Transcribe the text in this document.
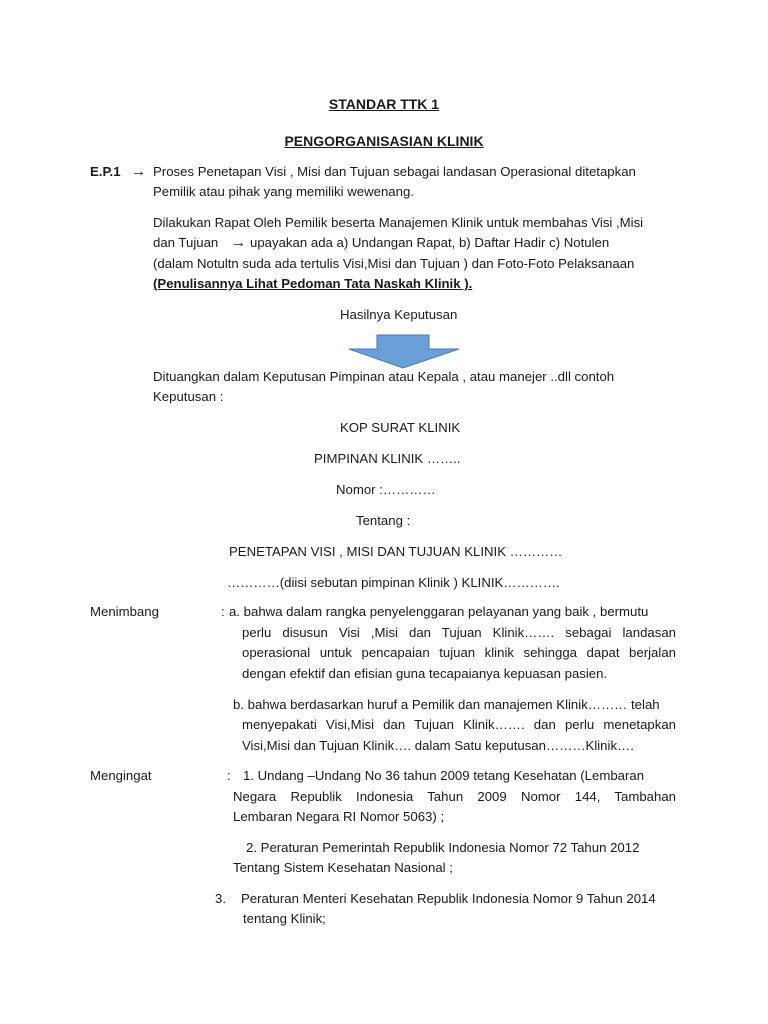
STANDAR TTK 1
PENGORGANISASIAN KLINIK
E.P.1 → Proses Penetapan Visi , Misi dan Tujuan sebagai landasan Operasional ditetapkan
Pemilik atau pihak yang memiliki wewenang.
Dilakukan Rapat Oleh Pemilik beserta Manajemen Klinik untuk membahas Visi ,Misi
dan Tujuan → upayakan ada a) Undangan Rapat, b) Daftar Hadir c) Notulen
(dalam Notultn suda ada tertulis Visi,Misi dan Tujuan ) dan Foto-Foto Pelaksanaan
(Penulisannya Lihat Pedoman Tata Naskah Klinik ).
Hasilnya Keputusan
Dituangkan dalam Keputusan Pimpinan atau Kepala , atau manejer ..dll contoh
Keputusan :
KOP SURAT KLINIK
PIMPINAN KLINIK ……..
Nomor :…………
Tentang :
PENETAPAN VISI , MISI DAN TUJUAN KLINIK …………
…………(diisi sebutan pimpinan Klinik ) KLINIK………….
Menimbang	: a. bahwa dalam rangka penyelenggaran pelayanan yang baik , bermutu
perlu disusun Visi ,Misi dan Tujuan Klinik……. sebagai landasan
operasional untuk pencapaian tujuan klinik sehingga dapat berjalan
dengan efektif dan efisian guna tecapaianya kepuasan pasien.
b. bahwa berdasarkan huruf a Pemilik dan manajemen Klinik……… telah
menyepakati Visi,Misi dan Tujuan Klinik……. dan perlu menetapkan
Visi,Misi dan Tujuan Klinik…. dalam Satu keputusan………Klinik….
Mengingat	: 1. Undang –Undang No 36 tahun 2009 tetang Kesehatan (Lembaran
Negara Republik Indonesia Tahun 2009 Nomor 144, Tambahan
Lembaran Negara RI Nomor 5063) ;
2. Peraturan Pemerintah Republik Indonesia Nomor 72 Tahun 2012
Tentang Sistem Kesehatan Nasional ;
3. Peraturan Menteri Kesehatan Republik Indonesia Nomor 9 Tahun 2014
tentang Klinik;
